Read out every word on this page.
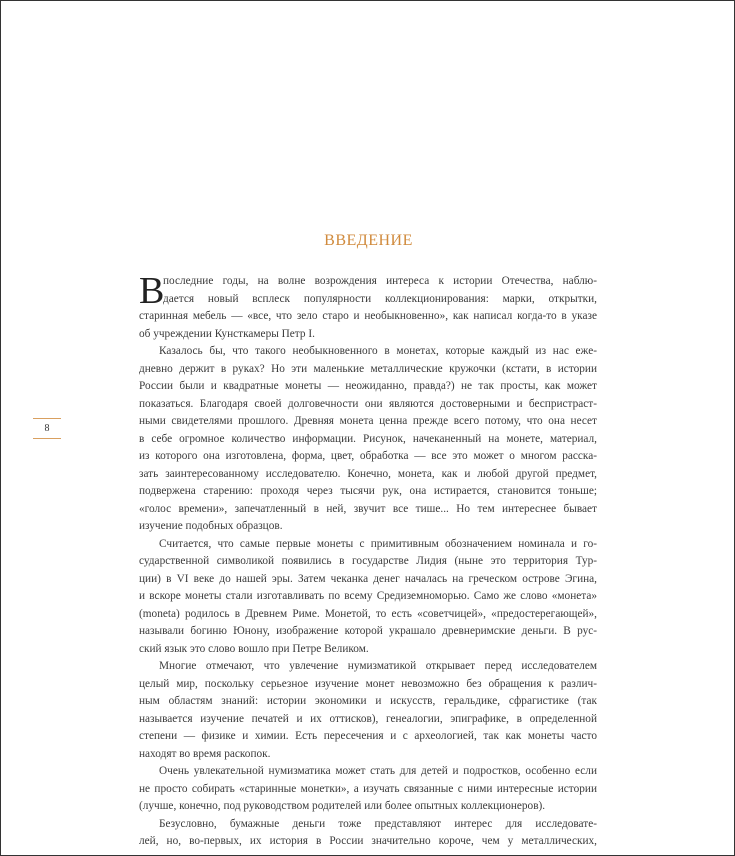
ВВЕДЕНИЕ
8
В
последние годы, на волне возрождения интереса к истории Отечества, наблю-
дается новый всплеск популярности коллекционирования: марки, открытки,
старинная мебель — «все, что зело старо и необыкновенно», как написал когда-то в указе
об учреждении Кунсткамеры Петр I.
Казалось бы, что такого необыкновенного в монетах, которые каждый из нас еже-
дневно держит в руках? Но эти маленькие металлические кружочки (кстати, в истории
России были и квадратные монеты — неожиданно, правда?) не так просты, как может
показаться. Благодаря своей долговечности они являются достоверными и беспристраст-
ными свидетелями прошлого. Древняя монета ценна прежде всего потому, что она несет
в себе огромное количество информации. Рисунок, начеканенный на монете, материал,
из которого она изготовлена, форма, цвет, обработка — все это может о многом расска-
зать заинтересованному исследователю. Конечно, монета, как и любой другой предмет,
подвержена старению: проходя через тысячи рук, она истирается, становится тоньше;
«голос времени», запечатленный в ней, звучит все тише... Но тем интереснее бывает
изучение подобных образцов.
Считается, что самые первые монеты с примитивным обозначением номинала и го-
сударственной символикой появились в государстве Лидия (ныне это территория Тур-
ции) в VI веке до нашей эры. Затем чеканка денег началась на греческом острове Эгина,
и вскоре монеты стали изготавливать по всему Средиземноморью. Само же слово «монета»
(moneta) родилось в Древнем Риме. Монетой, то есть «советчицей», «предостерегающей»,
называли богиню Юнону, изображение которой украшало древнеримские деньги. В рус-
ский язык это слово вошло при Петре Великом.
Многие отмечают, что увлечение нумизматикой открывает перед исследователем
целый мир, поскольку серьезное изучение монет невозможно без обращения к различ-
ным областям знаний: истории экономики и искусств, геральдике, сфрагистике (так
называется изучение печатей и их оттисков), генеалогии, эпиграфике, в определенной
степени — физике и химии. Есть пересечения и с археологией, так как монеты часто
находят во время раскопок.
Очень увлекательной нумизматика может стать для детей и подростков, особенно если
не просто собирать «старинные монетки», а изучать связанные с ними интересные истории
(лучше, конечно, под руководством родителей или более опытных коллекционеров).
Безусловно, бумажные деньги тоже представляют интерес для исследовате-
лей, но, во-первых, их история в России значительно короче, чем у металлических,
